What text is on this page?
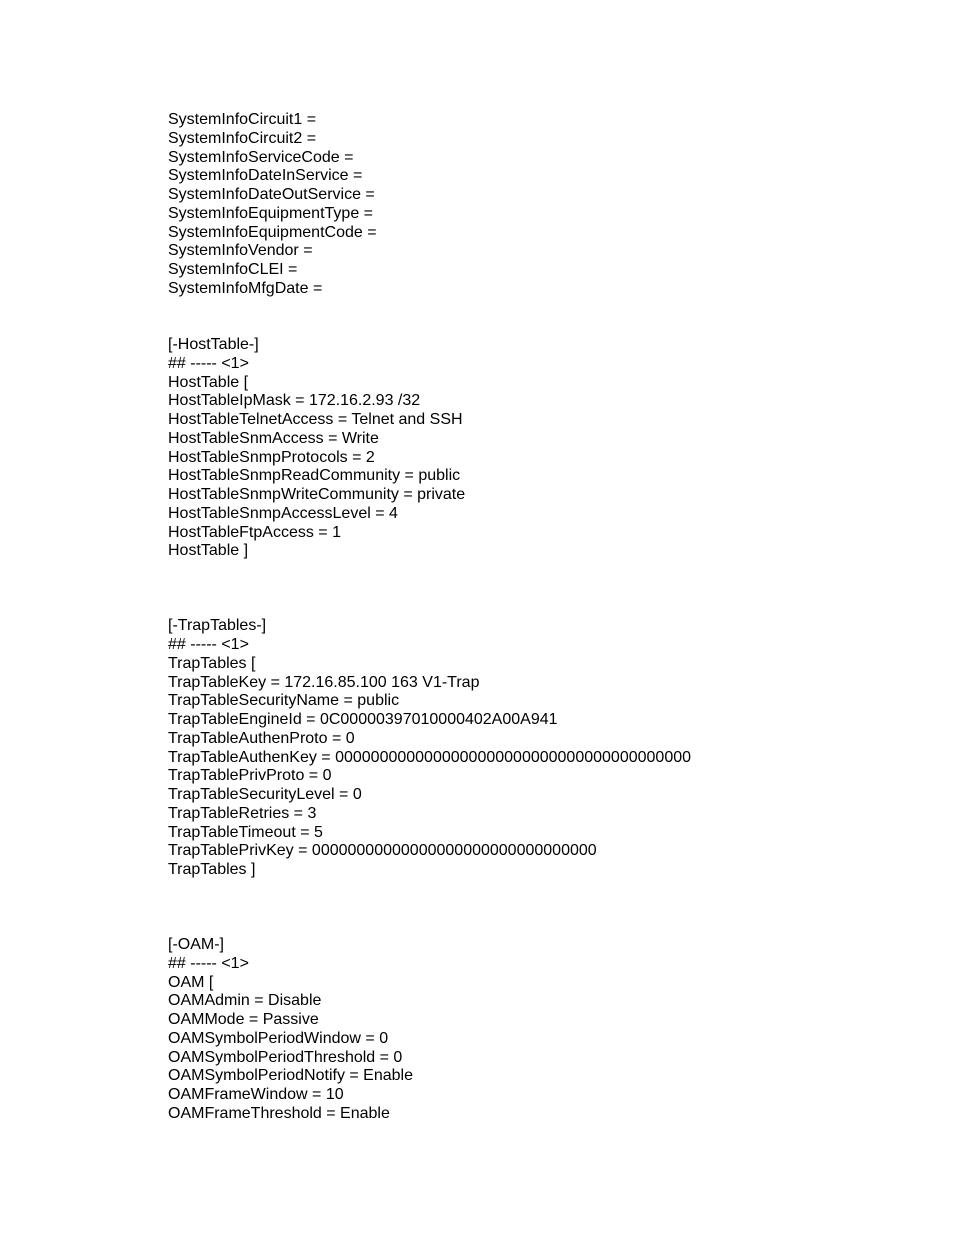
SystemInfoCircuit1 =
SystemInfoCircuit2 =
SystemInfoServiceCode =
SystemInfoDateInService =
SystemInfoDateOutService =
SystemInfoEquipmentType =
SystemInfoEquipmentCode =
SystemInfoVendor =
SystemInfoCLEI =
SystemInfoMfgDate =
[-HostTable-]
## ----- <1>
HostTable [
HostTableIpMask = 172.16.2.93 /32
HostTableTelnetAccess = Telnet and SSH
HostTableSnmAccess = Write
HostTableSnmpProtocols = 2
HostTableSnmpReadCommunity = public
HostTableSnmpWriteCommunity = private
HostTableSnmpAccessLevel = 4
HostTableFtpAccess = 1
HostTable ]
[-TrapTables-]
## ----- <1>
TrapTables [
TrapTableKey = 172.16.85.100 163 V1-Trap
TrapTableSecurityName = public
TrapTableEngineId = 0C00000397010000402A00A941
TrapTableAuthenProto = 0
TrapTableAuthenKey = 0000000000000000000000000000000000000000
TrapTablePrivProto = 0
TrapTableSecurityLevel = 0
TrapTableRetries = 3
TrapTableTimeout = 5
TrapTablePrivKey = 00000000000000000000000000000000
TrapTables ]
[-OAM-]
## ----- <1>
OAM [
OAMAdmin = Disable
OAMMode = Passive
OAMSymbolPeriodWindow = 0
OAMSymbolPeriodThreshold = 0
OAMSymbolPeriodNotify = Enable
OAMFrameWindow = 10
OAMFrameThreshold = Enable
